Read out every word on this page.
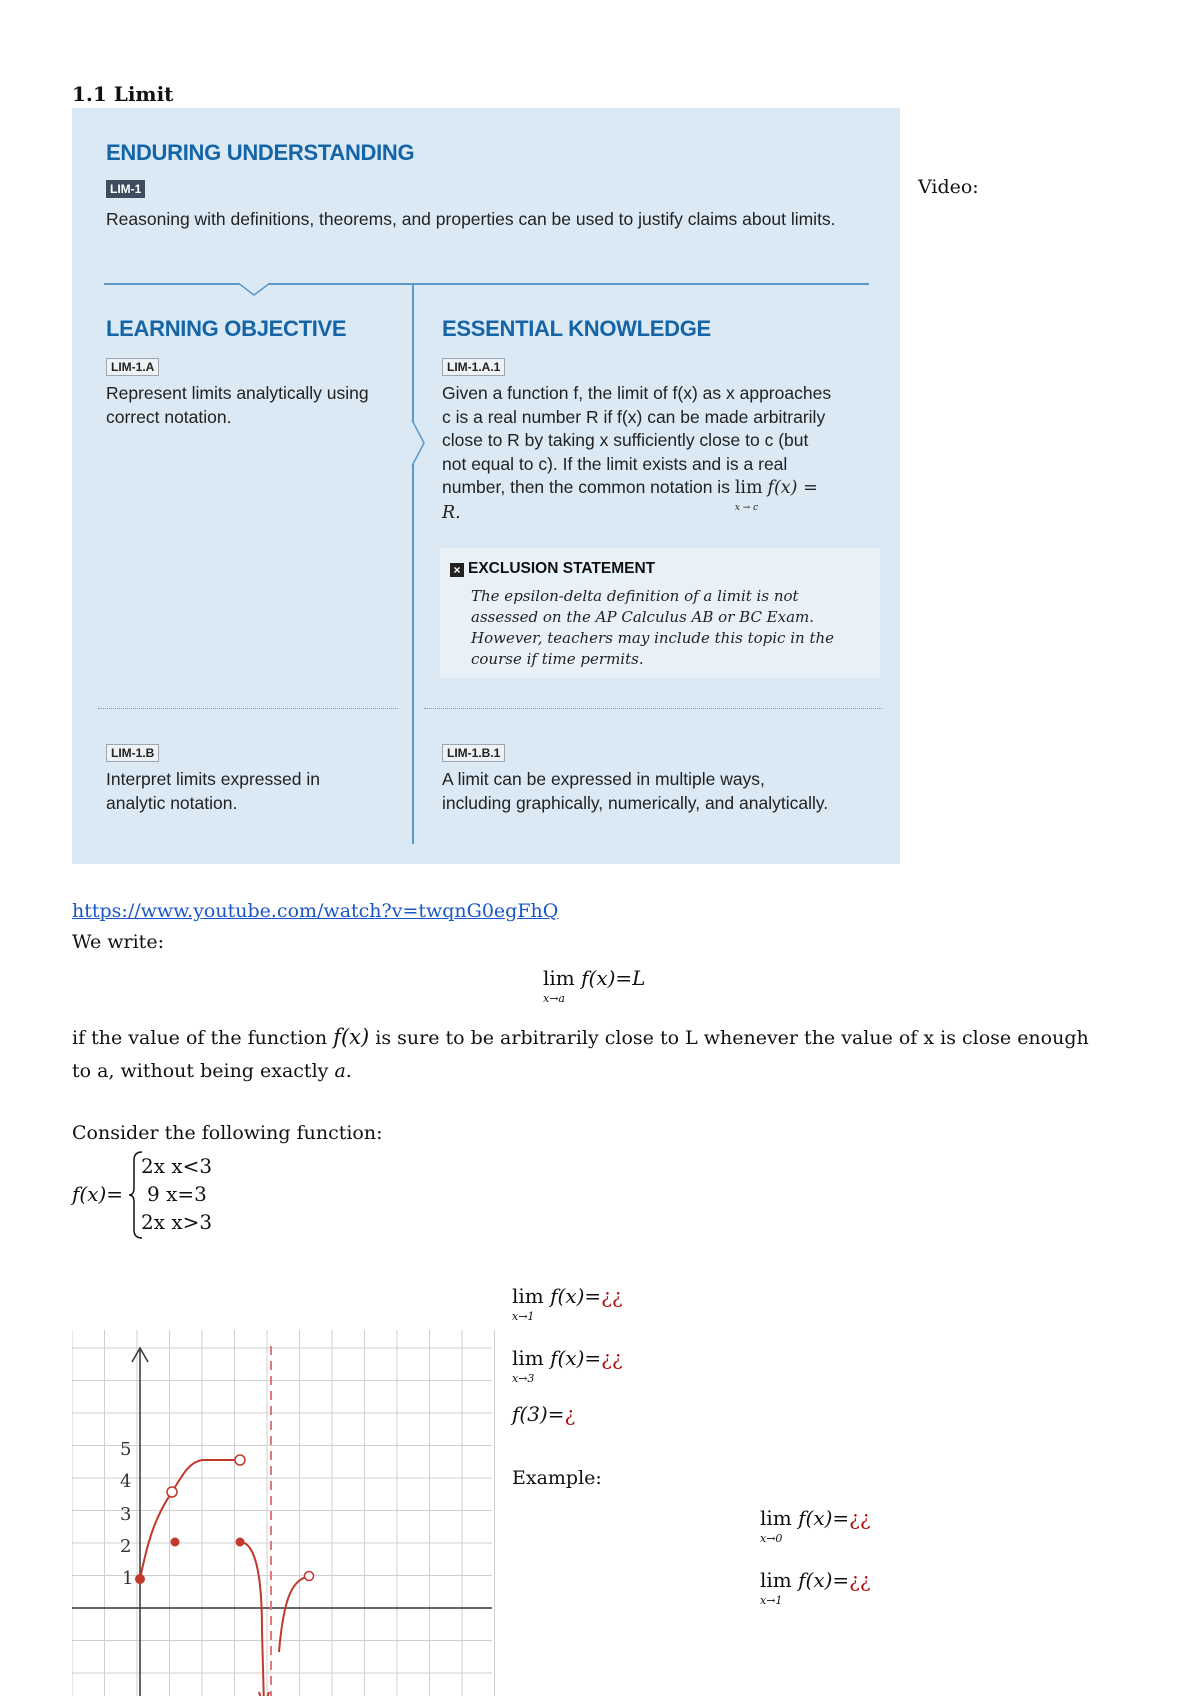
1.1 Limit
ENDURING UNDERSTANDING
LIM-1
Reasoning with definitions, theorems, and properties can be used to justify claims about limits.
LEARNING OBJECTIVE	ESSENTIAL KNOWLEDGE
LIM-1.A
Represent limits analytically using correct notation.
LIM-1.A.1
Given a function f, the limit of f(x) as x approaches c is a real number R if f(x) can be made arbitrarily close to R by taking x sufficiently close to c (but not equal to c). If the limit exists and is a real number, then the common notation is lim
x → c
f(x) = R.
× EXCLUSION STATEMENT
The epsilon-delta definition of a limit is not assessed on the AP Calculus AB or BC Exam. However, teachers may include this topic in the course if time permits.
LIM-1.B
Interpret limits expressed in analytic notation.
LIM-1.B.1
A limit can be expressed in multiple ways, including graphically, numerically, and analytically.
Video:
https://www.youtube.com/watch?v=twqnG0egFhQ
We write:
lim
x→a
f(x)=L
if the value of the function f(x) is sure to be arbitrarily close to L whenever the value of x is close enough
to a, without being exactly a.
Consider the following function:
f(x)=
2x x<3
9 x=3
2x x>3
lim
x→1
f(x)=¿¿
lim
x→3
f(x)=¿¿
f(3)=¿
Example:
lim
x→0
f(x)=¿¿
lim
x→1
f(x)=¿¿
5
4
3
2
1
